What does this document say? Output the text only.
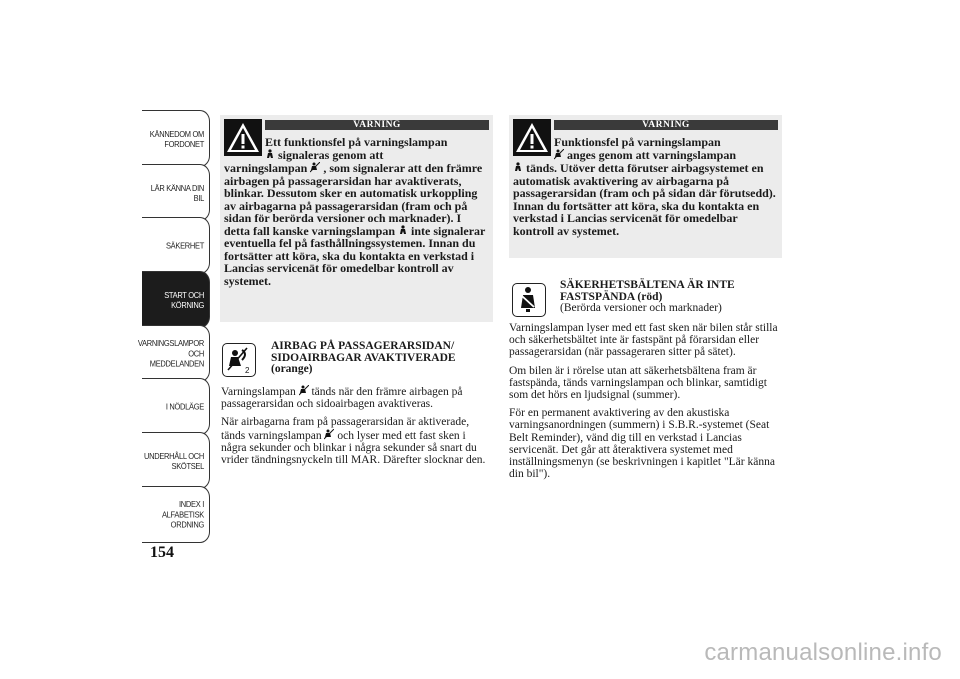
KÄNNEDOM OM
FORDONET
LÄR KÄNNA DIN
BIL
SÄKERHET
START OCH
KÖRNING
VARNINGSLAMPOR
OCH
MEDDELANDEN
I NÖDLÄGE
UNDERHÅLL OCH
SKÖTSEL
INDEX I
ALFABETISK
ORDNING
154
VARNING
Ett funktionsfel på varningslampan
signaleras genom att
varningslampan , som signalerar att den främre airbagen på passagerarsidan har avaktiverats, blinkar. Dessutom sker en automatisk urkoppling av airbagarna på passagerarsidan (fram och på sidan för berörda versioner och marknader). I detta fall kanske varningslampan inte signalerar eventuella fel på fasthållningssystemen. Innan du fortsätter att köra, ska du kontakta en verkstad i Lancias servicenät för omedelbar kontroll av systemet.
2
AIRBAG PÅ PASSAGERARSIDAN/
SIDOAIRBAGAR AVAKTIVERADE
(orange)

Varningslampan tänds när den främre airbagen på passagerarsidan och sidoairbagen avaktiveras.

När airbagarna fram på passagerarsidan är aktiverade, tänds varningslampan och lyser med ett fast sken i några sekunder och blinkar i några sekunder så snart du vrider tändningsnyckeln till MAR. Därefter slocknar den.

VARNING
Funktionsfel på varningslampan
anges genom att varningslampan
tänds. Utöver detta förutser airbagsystemet en automatisk avaktivering av airbagarna på passagerarsidan (fram och på sidan där förutsedd). Innan du fortsätter att köra, ska du kontakta en verkstad i Lancias servicenät för omedelbar kontroll av systemet.
SÄKERHETSBÄLTENA ÄR INTE
FASTSPÄNDA (röd)
(Berörda versioner och marknader)

Varningslampan lyser med ett fast sken när bilen står stilla och säkerhetsbältet inte är fastspänt på förarsidan eller passagerarsidan (när passageraren sitter på sätet).

Om bilen är i rörelse utan att säkerhetsbältena fram är fastspända, tänds varningslampan och blinkar, samtidigt som det hörs en ljudsignal (summer).

För en permanent avaktivering av den akustiska varningsanordningen (summern) i S.B.R.-systemet (Seat Belt Reminder), vänd dig till en verkstad i Lancias servicenät. Det går att återaktivera systemet med inställningsmenyn (se beskrivningen i kapitlet "Lär känna din bil").

carmanualsonline.info
